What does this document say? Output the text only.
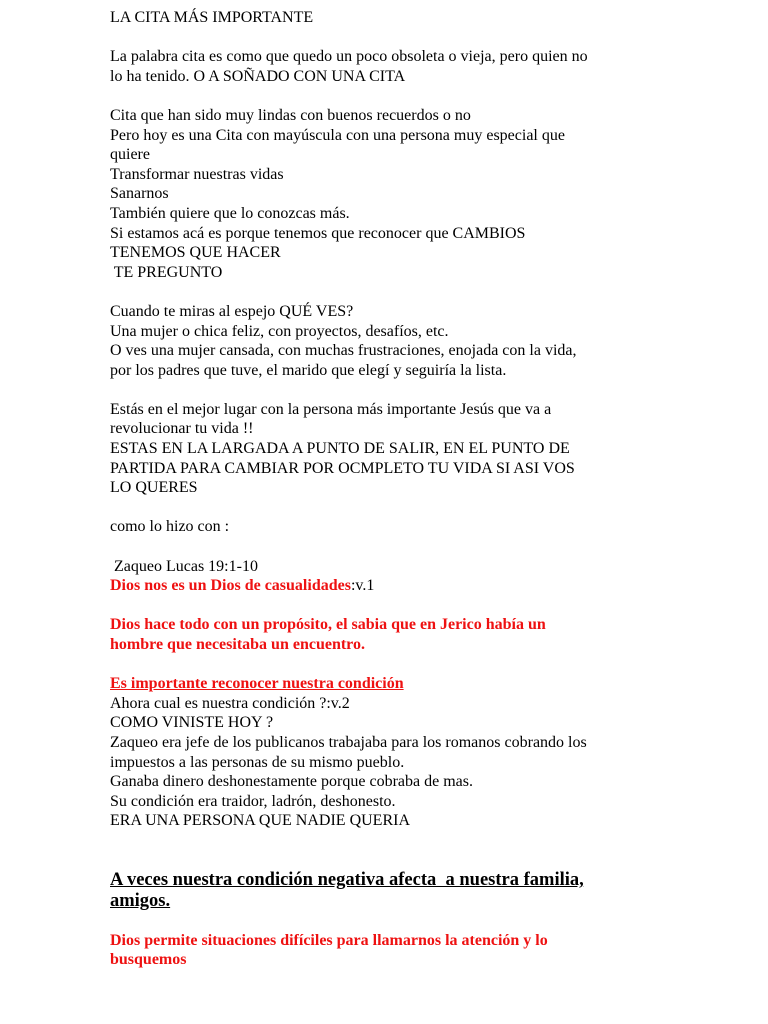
LA CITA MÁS IMPORTANTE
La palabra cita es como que quedo un poco obsoleta o vieja, pero quien no
lo ha tenido. O A SOÑADO CON UNA CITA
Cita que han sido muy lindas con buenos recuerdos o no
Pero hoy es una Cita con mayúscula con una persona muy especial que
quiere
Transformar nuestras vidas
Sanarnos
También quiere que lo conozcas más.
Si estamos acá es porque tenemos que reconocer que CAMBIOS
TENEMOS QUE HACER
TE PREGUNTO
Cuando te miras al espejo QUÉ VES?
Una mujer o chica feliz, con proyectos, desafíos, etc.
O ves una mujer cansada, con muchas frustraciones, enojada con la vida,
por los padres que tuve, el marido que elegí y seguiría la lista.
Estás en el mejor lugar con la persona más importante Jesús que va a
revolucionar tu vida !!
ESTAS EN LA LARGADA A PUNTO DE SALIR, EN EL PUNTO DE
PARTIDA PARA CAMBIAR POR OCMPLETO TU VIDA SI ASI VOS
LO QUERES
como lo hizo con :
Zaqueo Lucas 19:1-10
Dios nos es un Dios de casualidades:v.1
Dios hace todo con un propósito, el sabia que en Jerico había un
hombre que necesitaba un encuentro.
Es importante reconocer nuestra condición
Ahora cual es nuestra condición ?:v.2
COMO VINISTE HOY ?
Zaqueo era jefe de los publicanos trabajaba para los romanos cobrando los
impuestos a las personas de su mismo pueblo.
Ganaba dinero deshonestamente porque cobraba de mas.
Su condición era traidor, ladrón, deshonesto.
ERA UNA PERSONA QUE NADIE QUERIA
A veces nuestra condición negativa afecta  a nuestra familia,
amigos.
Dios permite situaciones difíciles para llamarnos la atención y lo
busquemos
